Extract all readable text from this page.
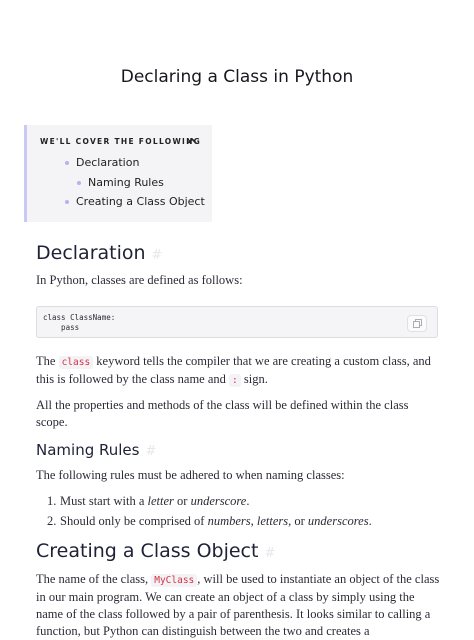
Declaring a Class in Python
WE'LL COVER THE FOLLOWING
Declaration
Naming Rules
Creating a Class Object
Declaration #
In Python, classes are defined as follows:
class ClassName:
pass
The class keyword tells the compiler that we are creating a custom class, and this is followed by the class name and : sign.
All the properties and methods of the class will be defined within the class scope.
Naming Rules #
The following rules must be adhered to when naming classes:
1. Must start with a letter or underscore.
2. Should only be comprised of numbers, letters, or underscores.
Creating a Class Object #
The name of the class, MyClass , will be used to instantiate an object of the class in our main program. We can create an object of a class by simply using the name of the class followed by a pair of parenthesis. It looks similar to calling a function, but Python can distinguish between the two and creates a
